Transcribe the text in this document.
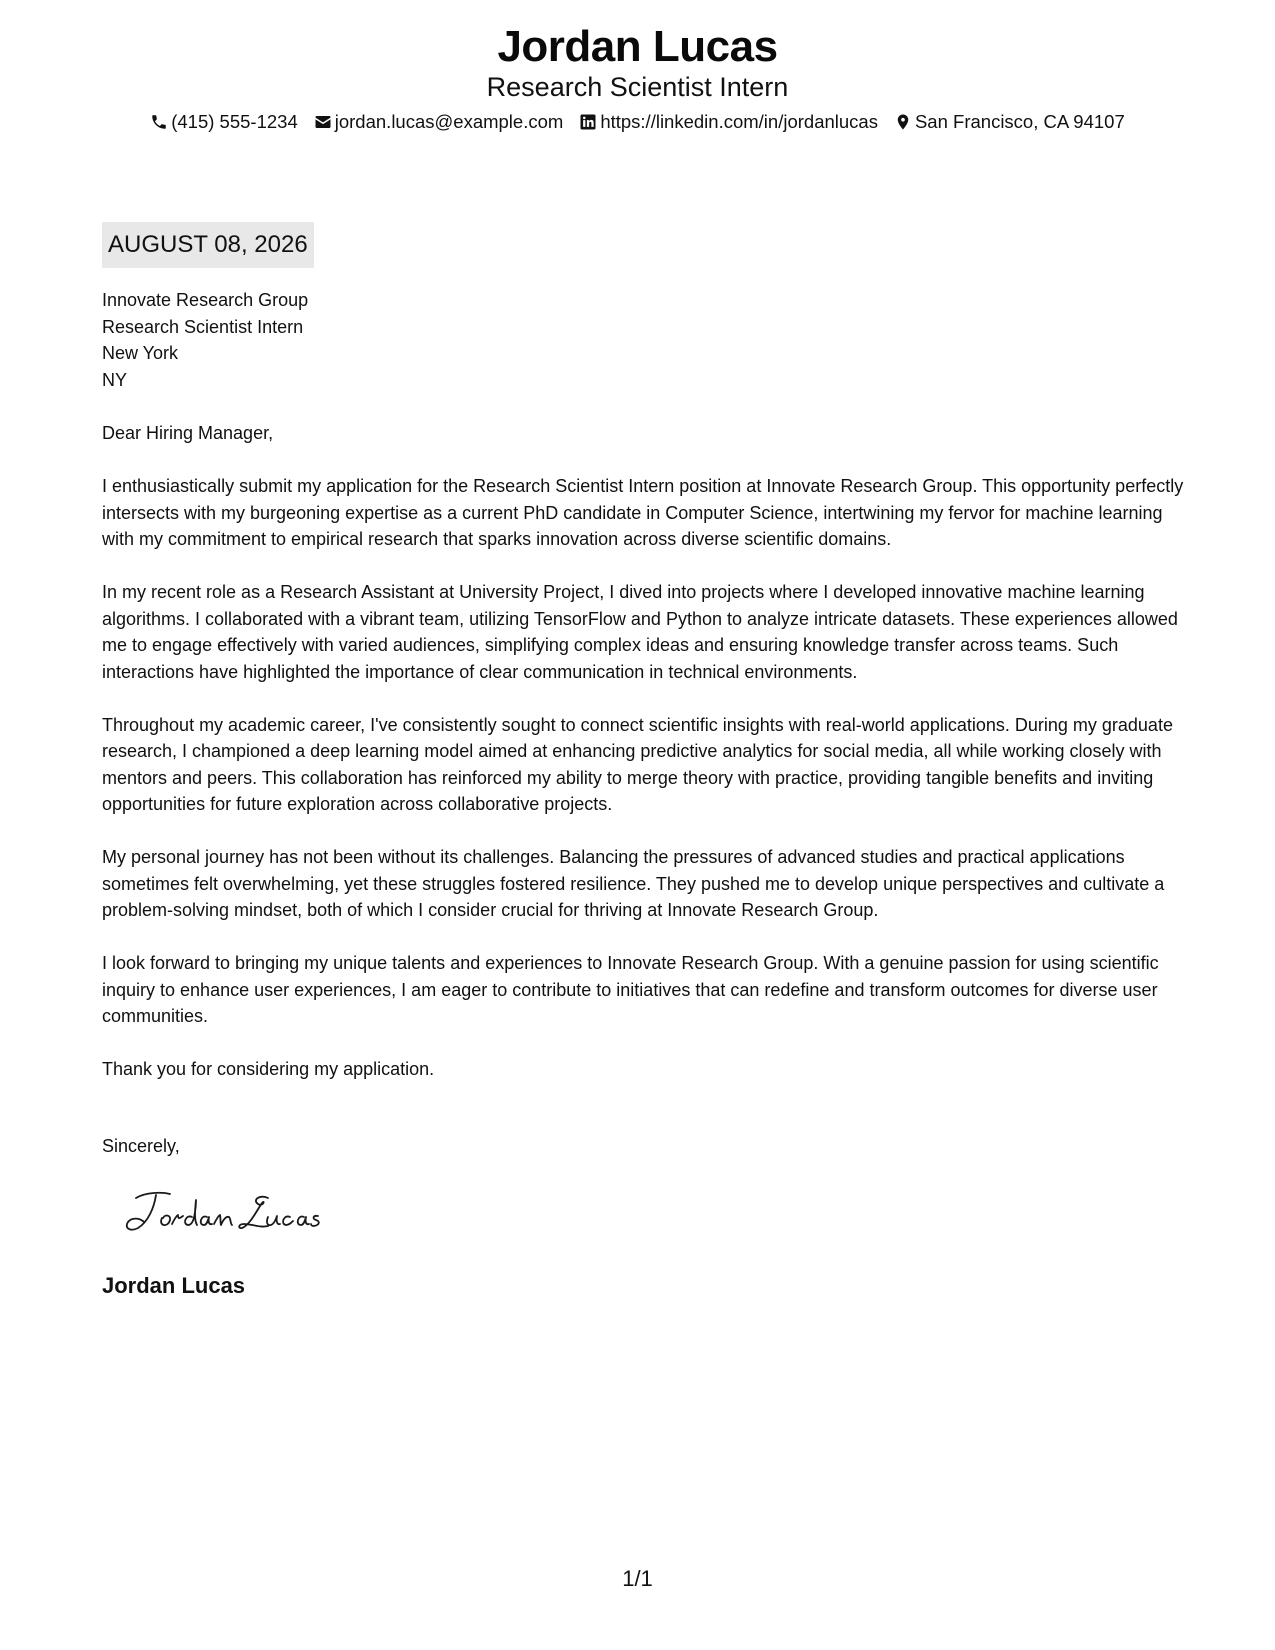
Jordan Lucas
Research Scientist Intern
(415) 555-1234 jordan.lucas@example.com https://linkedin.com/in/jordanlucas San Francisco, CA 94107
AUGUST 08, 2026
Innovate Research Group
Research Scientist Intern
New York
NY

Dear Hiring Manager,

I enthusiastically submit my application for the Research Scientist Intern position at Innovate Research Group. This opportunity perfectly intersects with my burgeoning expertise as a current PhD candidate in Computer Science, intertwining my fervor for machine learning with my commitment to empirical research that sparks innovation across diverse scientific domains.

In my recent role as a Research Assistant at University Project, I dived into projects where I developed innovative machine learning algorithms. I collaborated with a vibrant team, utilizing TensorFlow and Python to analyze intricate datasets. These experiences allowed me to engage effectively with varied audiences, simplifying complex ideas and ensuring knowledge transfer across teams. Such interactions have highlighted the importance of clear communication in technical environments.

Throughout my academic career, I've consistently sought to connect scientific insights with real-world applications. During my graduate research, I championed a deep learning model aimed at enhancing predictive analytics for social media, all while working closely with mentors and peers. This collaboration has reinforced my ability to merge theory with practice, providing tangible benefits and inviting opportunities for future exploration across collaborative projects.

My personal journey has not been without its challenges. Balancing the pressures of advanced studies and practical applications sometimes felt overwhelming, yet these struggles fostered resilience. They pushed me to develop unique perspectives and cultivate a problem-solving mindset, both of which I consider crucial for thriving at Innovate Research Group.

I look forward to bringing my unique talents and experiences to Innovate Research Group. With a genuine passion for using scientific inquiry to enhance user experiences, I am eager to contribute to initiatives that can redefine and transform outcomes for diverse user communities.

Thank you for considering my application.

Sincerely,
Jordan Lucas
1/1
